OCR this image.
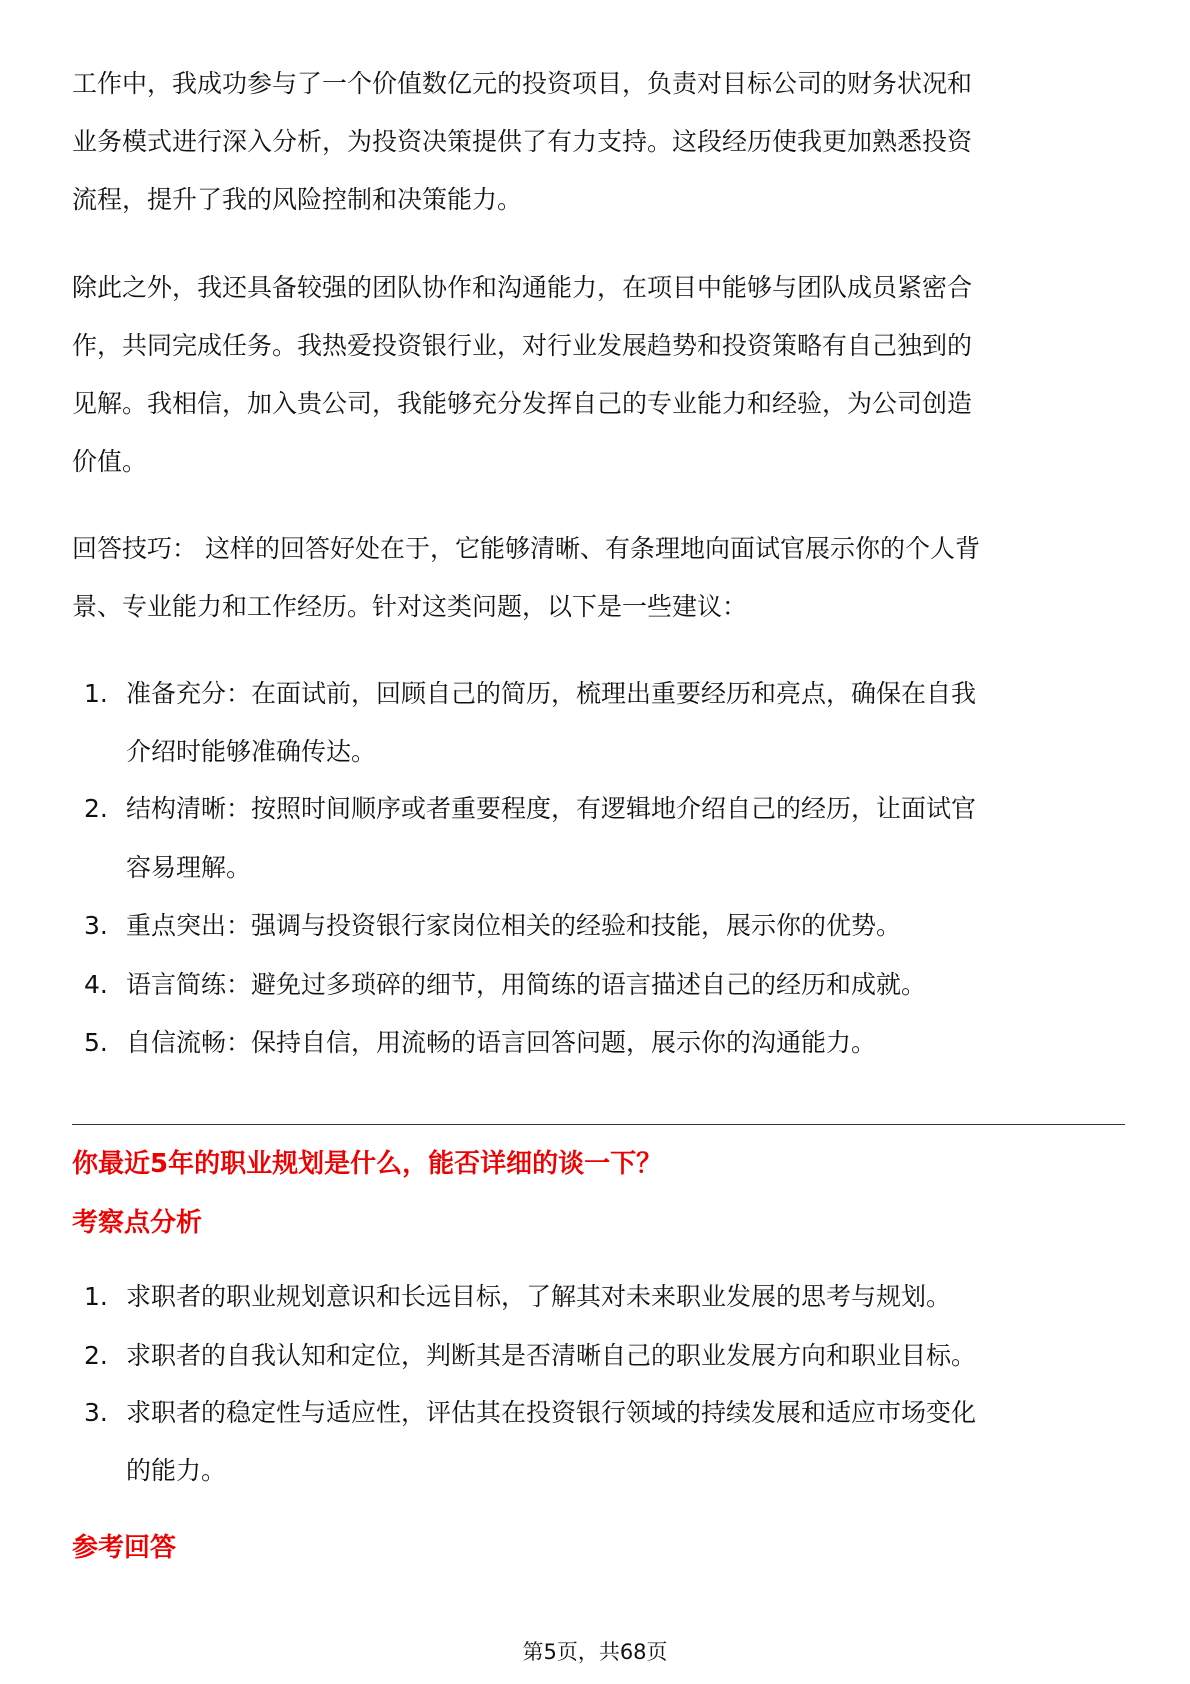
工作中，我成功参与了一个价值数亿元的投资项目，负责对目标公司的财务状况和
业务模式进行深入分析，为投资决策提供了有力支持。这段经历使我更加熟悉投资
流程，提升了我的风险控制和决策能力。
除此之外，我还具备较强的团队协作和沟通能力，在项目中能够与团队成员紧密合
作，共同完成任务。我热爱投资银行业，对行业发展趋势和投资策略有自己独到的
见解。我相信，加入贵公司，我能够充分发挥自己的专业能力和经验，为公司创造
价值。
回答技巧： 这样的回答好处在于，它能够清晰、有条理地向面试官展示你的个人背
景、专业能力和工作经历。针对这类问题，以下是一些建议：
1. 准备充分：在面试前，回顾自己的简历，梳理出重要经历和亮点，确保在自我
介绍时能够准确传达。
2. 结构清晰：按照时间顺序或者重要程度，有逻辑地介绍自己的经历，让面试官
容易理解。
3. 重点突出：强调与投资银行家岗位相关的经验和技能，展示你的优势。
4. 语言简练：避免过多琐碎的细节，用简练的语言描述自己的经历和成就。
5. 自信流畅：保持自信，用流畅的语言回答问题，展示你的沟通能力。
你最近5年的职业规划是什么，能否详细的谈一下？
考察点分析
1. 求职者的职业规划意识和长远目标，了解其对未来职业发展的思考与规划。
2. 求职者的自我认知和定位，判断其是否清晰自己的职业发展方向和职业目标。
3. 求职者的稳定性与适应性，评估其在投资银行领域的持续发展和适应市场变化
的能力。
参考回答
第5页，共68页
